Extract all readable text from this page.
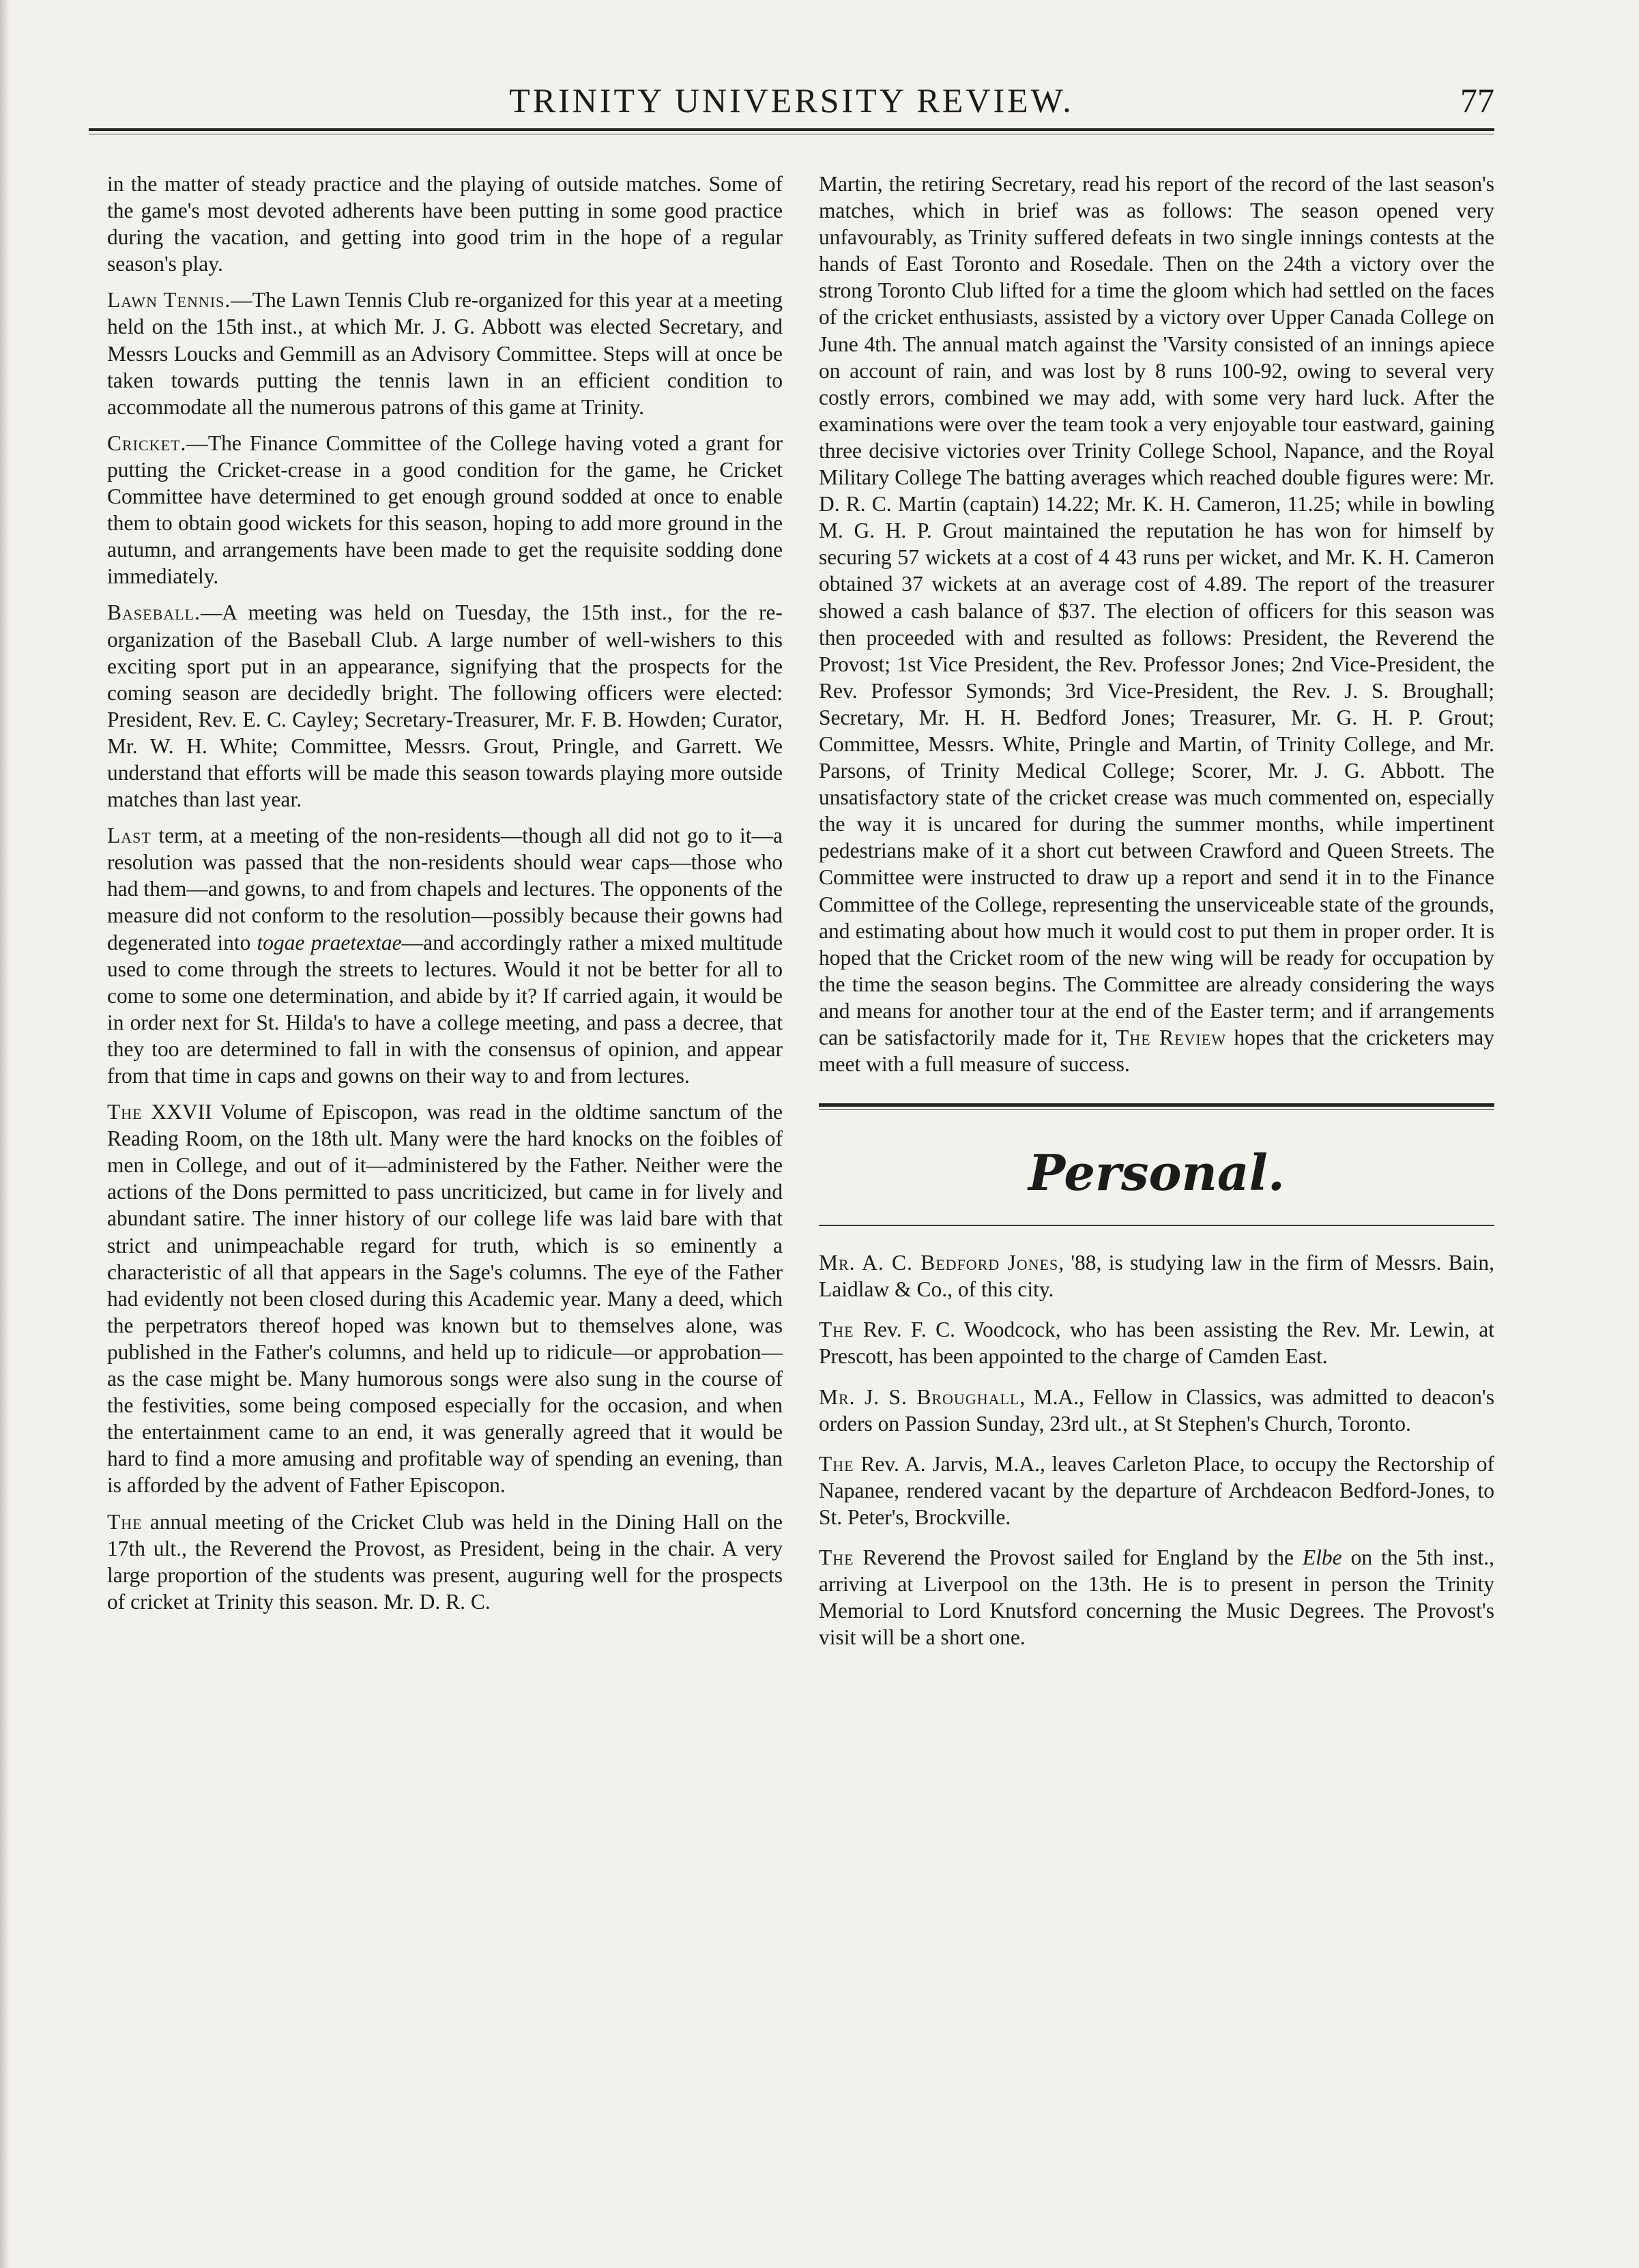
TRINITY UNIVERSITY REVIEW.	77

in the matter of steady practice and the playing of outside matches. Some of the game's most devoted adherents have been putting in some good practice during the vacation, and getting into good trim in the hope of a regular season's play.

Lawn Tennis.—The Lawn Tennis Club re-organized for this year at a meeting held on the 15th inst., at which Mr. J. G. Abbott was elected Secretary, and Messrs Loucks and Gemmill as an Advisory Committee. Steps will at once be taken towards putting the tennis lawn in an efficient condition to accommodate all the numerous patrons of this game at Trinity.

Cricket.—The Finance Committee of the College having voted a grant for putting the Cricket-crease in a good condition for the game, he Cricket Committee have determined to get enough ground sodded at once to enable them to obtain good wickets for this season, hoping to add more ground in the autumn, and arrangements have been made to get the requisite sodding done immediately.

Baseball.—A meeting was held on Tuesday, the 15th inst., for the re-organization of the Baseball Club. A large number of well-wishers to this exciting sport put in an appearance, signifying that the prospects for the coming season are decidedly bright. The following officers were elected: President, Rev. E. C. Cayley; Secretary-Treasurer, Mr. F. B. Howden; Curator, Mr. W. H. White; Committee, Messrs. Grout, Pringle, and Garrett. We understand that efforts will be made this season towards playing more outside matches than last year.

Last term, at a meeting of the non-residents—though all did not go to it—a resolution was passed that the non-residents should wear caps—those who had them—and gowns, to and from chapels and lectures. The opponents of the measure did not conform to the resolution—possibly because their gowns had degenerated into togae praetextae—and accordingly rather a mixed multitude used to come through the streets to lectures. Would it not be better for all to come to some one determination, and abide by it? If carried again, it would be in order next for St. Hilda's to have a college meeting, and pass a decree, that they too are determined to fall in with the consensus of opinion, and appear from that time in caps and gowns on their way to and from lectures.

The XXVII Volume of Episcopon, was read in the oldtime sanctum of the Reading Room, on the 18th ult. Many were the hard knocks on the foibles of men in College, and out of it—administered by the Father. Neither were the actions of the Dons permitted to pass uncriticized, but came in for lively and abundant satire. The inner history of our college life was laid bare with that strict and unimpeachable regard for truth, which is so eminently a characteristic of all that appears in the Sage's columns. The eye of the Father had evidently not been closed during this Academic year. Many a deed, which the perpetrators thereof hoped was known but to themselves alone, was published in the Father's columns, and held up to ridicule—or approbation—as the case might be. Many humorous songs were also sung in the course of the festivities, some being composed especially for the occasion, and when the entertainment came to an end, it was generally agreed that it would be hard to find a more amusing and profitable way of spending an evening, than is afforded by the advent of Father Episcopon.

The annual meeting of the Cricket Club was held in the Dining Hall on the 17th ult., the Reverend the Provost, as President, being in the chair. A very large proportion of the students was present, auguring well for the prospects of cricket at Trinity this season. Mr. D. R. C.

Martin, the retiring Secretary, read his report of the record of the last season's matches, which in brief was as follows: The season opened very unfavourably, as Trinity suffered defeats in two single innings contests at the hands of East Toronto and Rosedale. Then on the 24th a victory over the strong Toronto Club lifted for a time the gloom which had settled on the faces of the cricket enthusiasts, assisted by a victory over Upper Canada College on June 4th. The annual match against the 'Varsity consisted of an innings apiece on account of rain, and was lost by 8 runs 100-92, owing to several very costly errors, combined we may add, with some very hard luck. After the examinations were over the team took a very enjoyable tour eastward, gaining three decisive victories over Trinity College School, Napance, and the Royal Military College The batting averages which reached double figures were: Mr. D. R. C. Martin (captain) 14.22; Mr. K. H. Cameron, 11.25; while in bowling M. G. H. P. Grout maintained the reputation he has won for himself by securing 57 wickets at a cost of 4 43 runs per wicket, and Mr. K. H. Cameron obtained 37 wickets at an average cost of 4.89. The report of the treasurer showed a cash balance of $37. The election of officers for this season was then proceeded with and resulted as follows: President, the Reverend the Provost; 1st Vice President, the Rev. Professor Jones; 2nd Vice-President, the Rev. Professor Symonds; 3rd Vice-President, the Rev. J. S. Broughall; Secretary, Mr. H. H. Bedford Jones; Treasurer, Mr. G. H. P. Grout; Committee, Messrs. White, Pringle and Martin, of Trinity College, and Mr. Parsons, of Trinity Medical College; Scorer, Mr. J. G. Abbott. The unsatisfactory state of the cricket crease was much commented on, especially the way it is uncared for during the summer months, while impertinent pedestrians make of it a short cut between Crawford and Queen Streets. The Committee were instructed to draw up a report and send it in to the Finance Committee of the College, representing the unserviceable state of the grounds, and estimating about how much it would cost to put them in proper order. It is hoped that the Cricket room of the new wing will be ready for occupation by the time the season begins. The Committee are already considering the ways and means for another tour at the end of the Easter term; and if arrangements can be satisfactorily made for it, The Review hopes that the cricketers may meet with a full measure of success.

Personal.

Mr. A. C. Bedford Jones, '88, is studying law in the firm of Messrs. Bain, Laidlaw & Co., of this city.

The Rev. F. C. Woodcock, who has been assisting the Rev. Mr. Lewin, at Prescott, has been appointed to the charge of Camden East.

Mr. J. S. Broughall, M.A., Fellow in Classics, was admitted to deacon's orders on Passion Sunday, 23rd ult., at St Stephen's Church, Toronto.

The Rev. A. Jarvis, M.A., leaves Carleton Place, to occupy the Rectorship of Napanee, rendered vacant by the departure of Archdeacon Bedford-Jones, to St. Peter's, Brockville.

The Reverend the Provost sailed for England by the Elbe on the 5th inst., arriving at Liverpool on the 13th. He is to present in person the Trinity Memorial to Lord Knutsford concerning the Music Degrees. The Provost's visit will be a short one.
